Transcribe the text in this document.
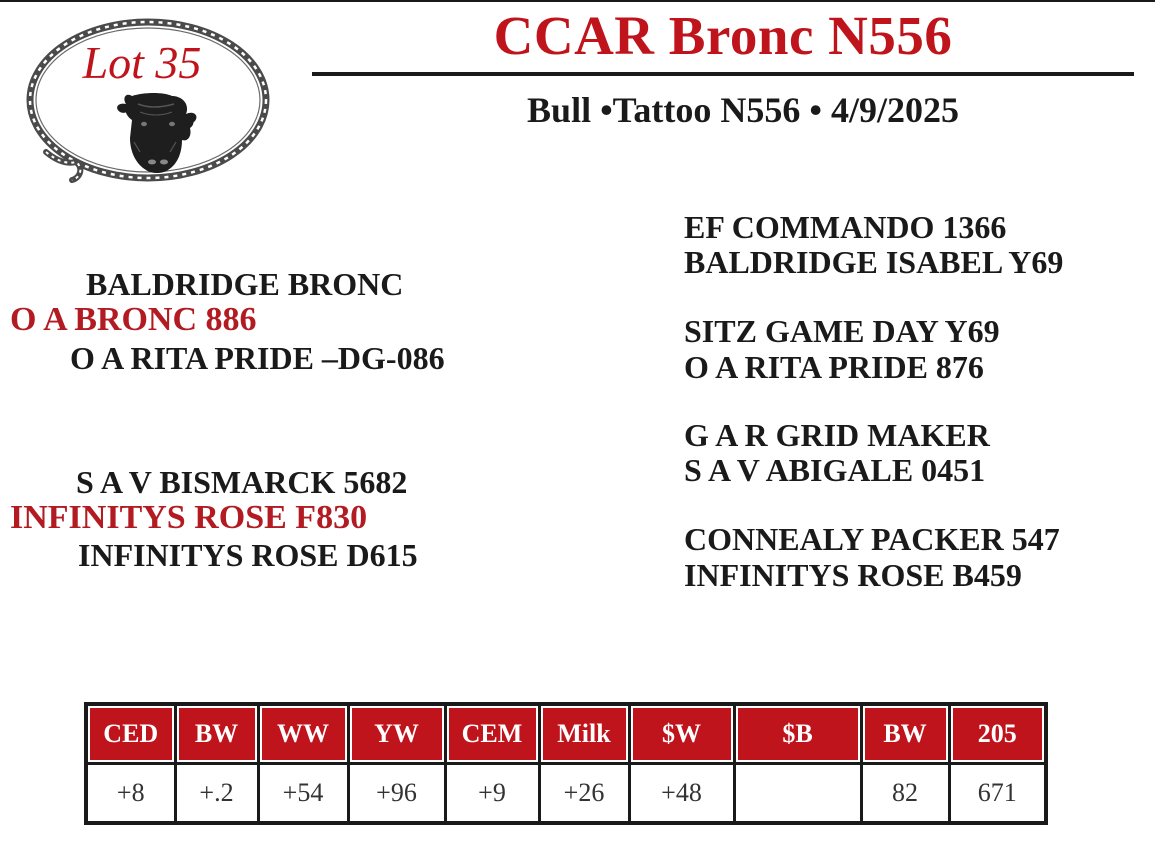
Lot 35	CCAR Bronc N556
Bull •Tattoo N556 • 4/9/2025
BALDRIDGE BRONC
O A BRONC 886
O A RITA PRIDE –DG-086
S A V BISMARCK 5682
INFINITYS ROSE F830
INFINITYS ROSE D615
EF COMMANDO 1366
BALDRIDGE ISABEL Y69
SITZ GAME DAY Y69
O A RITA PRIDE 876
G A R GRID MAKER
S A V ABIGALE 0451
CONNEALY PACKER 547
INFINITYS ROSE B459
CED	BW	WW	YW	CEM	Milk	$W	$B	BW	205
+8	+.2	+54	+96	+9	+26	+48		82	671
